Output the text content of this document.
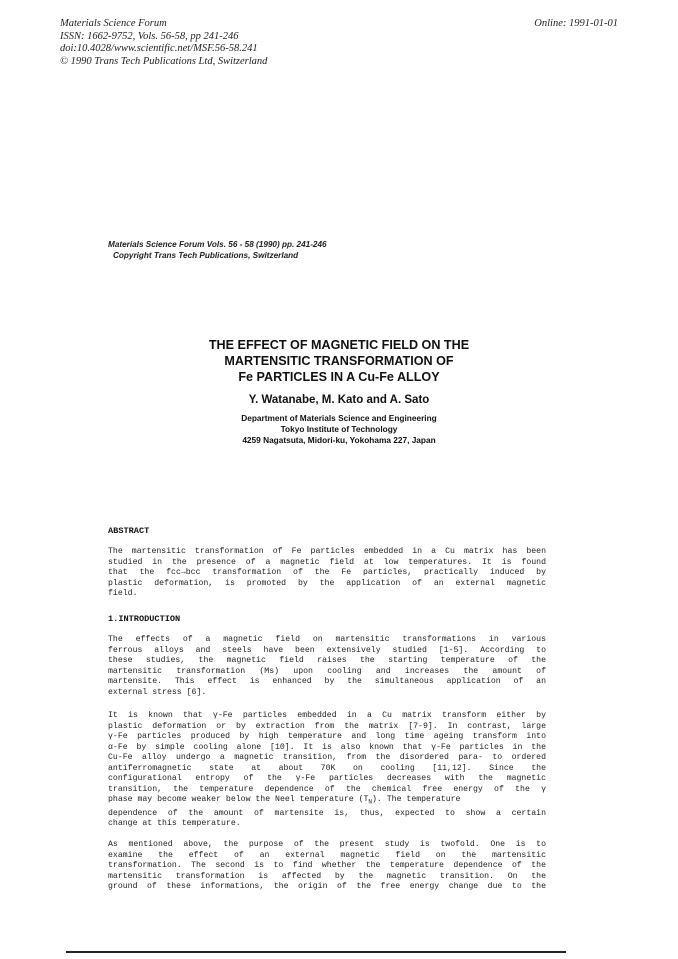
Materials Science Forum
ISSN: 1662-9752, Vols. 56-58, pp 241-246
doi:10.4028/www.scientific.net/MSF.56-58.241
© 1990 Trans Tech Publications Ltd, Switzerland
Online: 1991-01-01
Materials Science Forum Vols. 56 - 58 (1990) pp. 241-246
Copyright Trans Tech Publications, Switzerland
THE EFFECT OF MAGNETIC FIELD ON THE
MARTENSITIC TRANSFORMATION OF
Fe PARTICLES IN A Cu-Fe ALLOY
Y. Watanabe, M. Kato and A. Sato
Department of Materials Science and Engineering
Tokyo Institute of Technology
4259 Nagatsuta, Midori-ku, Yokohama 227, Japan
ABSTRACT
The martensitic transformation of Fe particles embedded in a Cu matrix has been
studied in the presence of a magnetic field at low temperatures. It is found
that the fcc→bcc transformation of the Fe particles, practically induced by
plastic deformation, is promoted by the application of an external magnetic
field.
1.INTRODUCTION
The effects of a magnetic field on martensitic transformations in various
ferrous alloys and steels have been extensively studied [1-5]. According to
these studies, the magnetic field raises the starting temperature of the
martensitic transformation (Ms) upon cooling and increases the amount of
martensite. This effect is enhanced by the simultaneous application of an
external stress [6].
It is known that γ-Fe particles embedded in a Cu matrix transform either by
plastic deformation or by extraction from the matrix [7-9]. In contrast, large
γ-Fe particles produced by high temperature and long time ageing transform into
α-Fe by simple cooling alone [10]. It is also known that γ-Fe particles in the
Cu-Fe alloy undergo a magnetic transition, from the disordered para- to ordered
antiferromagnetic state at about 70K on cooling [11,12]. Since the
configurational entropy of the γ-Fe particles decreases with the magnetic
transition, the temperature dependence of the chemical free energy of the γ
phase may become weaker below the Neel temperature $(T_N)$. The temperature
dependence of the amount of martensite is, thus, expected to show a certain
change at this temperature.
As mentioned above, the purpose of the present study is twofold. One is to
examine the effect of an external magnetic field on the martensitic
transformation. The second is to find whether the temperature dependence of the
martensitic transformation is affected by the magnetic transition. On the
ground of these informations, the origin of the free energy change due to the
